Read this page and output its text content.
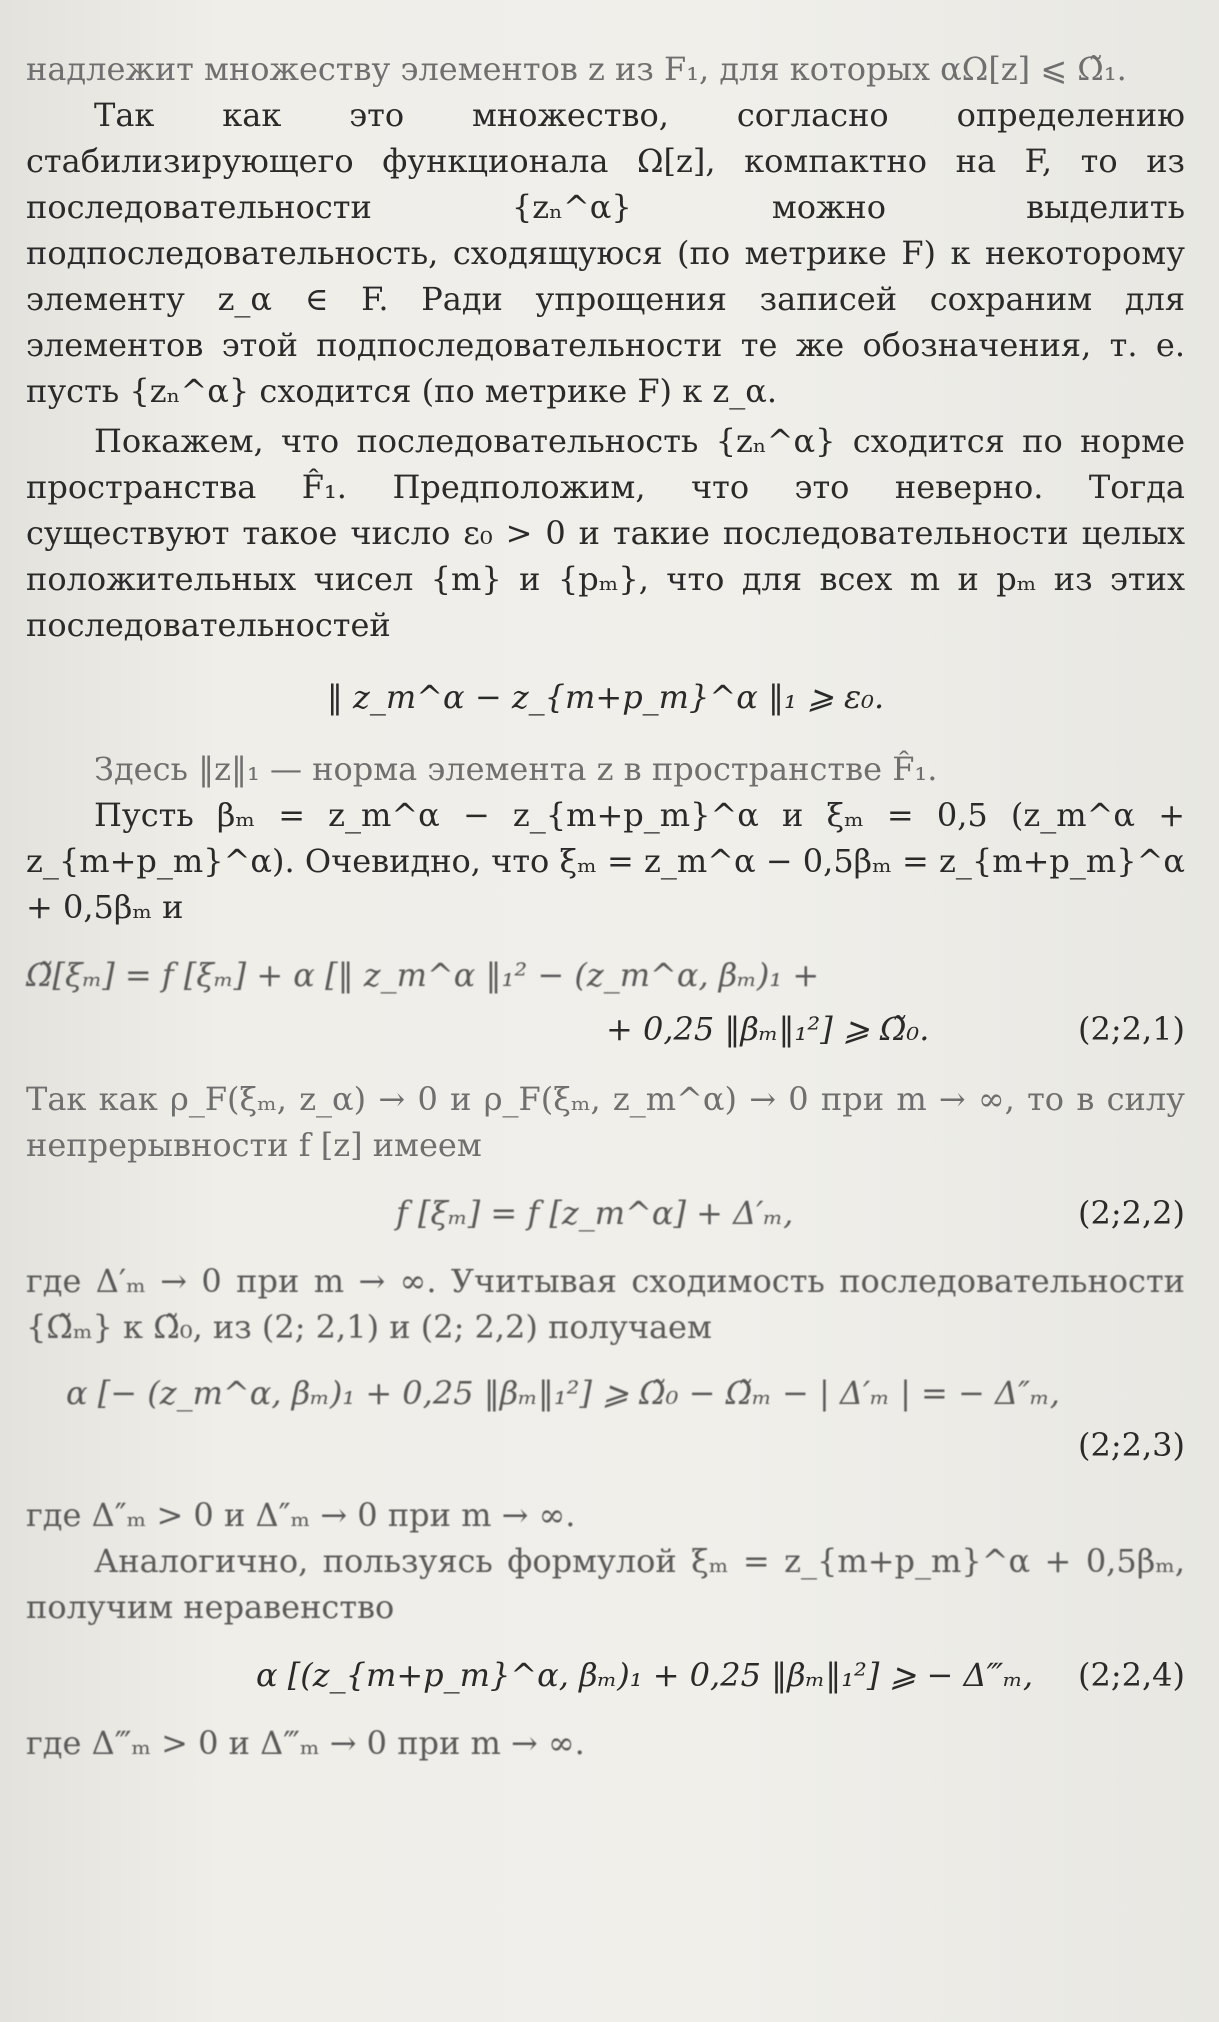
надлежит множеству элементов z из F₁, для которых αΩ[z] ⩽ Ω̃₁.

Так как это множество, согласно определению стабилизирующего функционала Ω[z], компактно на F, то из последовательности {zₙ^α} можно выделить подпоследовательность, сходящуюся (по метрике F) к некоторому элементу z_α ∈ F. Ради упрощения записей сохраним для элементов этой подпоследовательности те же обозначения, т. е. пусть {zₙ^α} сходится (по метрике F) к z_α.

Покажем, что последовательность {zₙ^α} сходится по норме пространства F̂₁. Предположим, что это неверно. Тогда существуют такое число ε₀ > 0 и такие последовательности целых положительных чисел {m} и {pₘ}, что для всех m и pₘ из этих последовательностей

‖ z_m^α − z_{m+p_m}^α ‖₁ ⩾ ε₀.

Здесь ‖z‖₁ — норма элемента z в пространстве F̂₁.

Пусть βₘ = z_m^α − z_{m+p_m}^α и ξₘ = 0,5 (z_m^α + z_{m+p_m}^α). Очевидно, что ξₘ = z_m^α − 0,5βₘ = z_{m+p_m}^α + 0,5βₘ и

Ω̃[ξₘ] = f [ξₘ] + α [‖ z_m^α ‖₁² − (z_m^α, βₘ)₁ +
+ 0,25 ‖βₘ‖₁²] ⩾ Ω̃₀.	(2;2,1)

Так как ρ_F(ξₘ, z_α) → 0 и ρ_F(ξₘ, z_m^α) → 0 при m → ∞, то в силу непрерывности f [z] имеем

f [ξₘ] = f [z_m^α] + Δ′ₘ,	(2;2,2)

где Δ′ₘ → 0 при m → ∞. Учитывая сходимость последовательности {Ω̃ₘ} к Ω̃₀, из (2; 2,1) и (2; 2,2) получаем

α [− (z_m^α, βₘ)₁ + 0,25 ‖βₘ‖₁²] ⩾ Ω̃₀ − Ω̃ₘ − | Δ′ₘ | = − Δ″ₘ,
(2;2,3)

где Δ″ₘ > 0 и Δ″ₘ → 0 при m → ∞.

Аналогично, пользуясь формулой ξₘ = z_{m+p_m}^α + 0,5βₘ, получим неравенство

α [(z_{m+p_m}^α, βₘ)₁ + 0,25 ‖βₘ‖₁²] ⩾ − Δ‴ₘ, (2;2,4)

где Δ‴ₘ > 0 и Δ‴ₘ → 0 при m → ∞.
